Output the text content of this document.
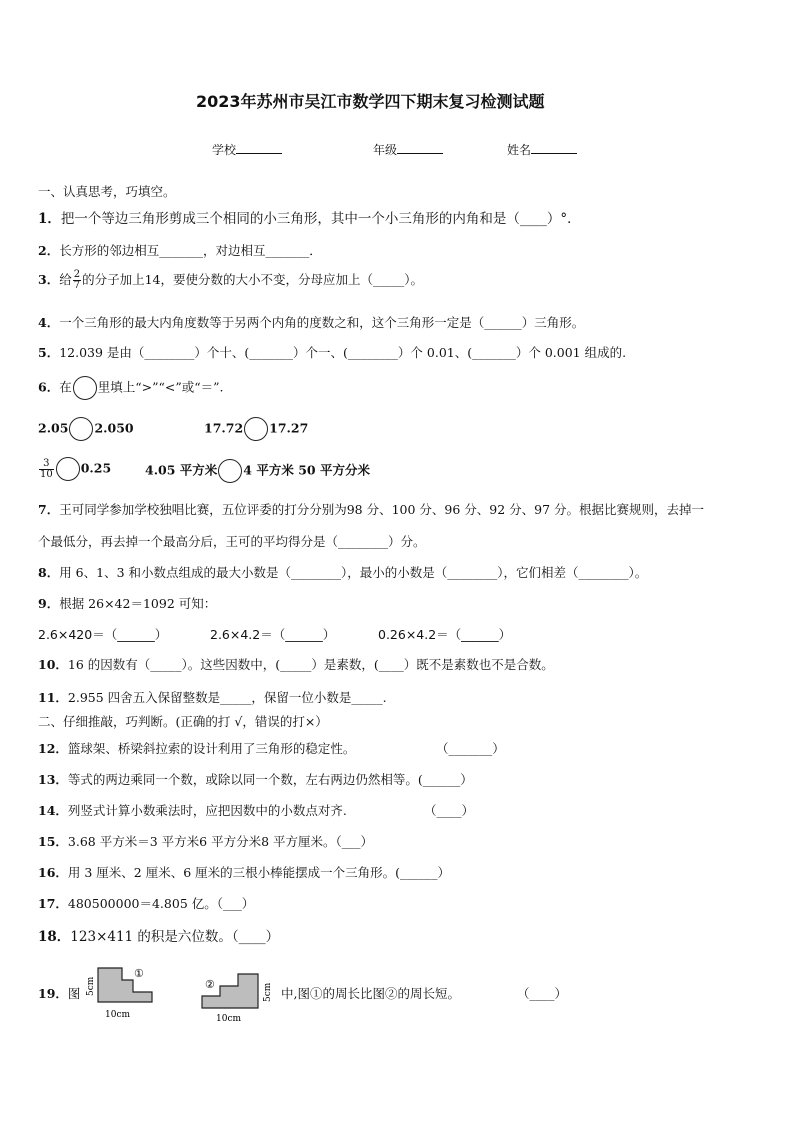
2023年苏州市吴江市数学四下期末复习检测试题
学校	年级	姓名
一、认真思考，巧填空。
1．把一个等边三角形剪成三个相同的小三角形，其中一个小三角形的内角和是（____）°．
2．长方形的邻边相互_______，对边相互_______．
3．给 $\frac{2}{7}$ 的分子加上14，要使分数的大小不变，分母应加上（_____）。
4．一个三角形的最大内角度数等于另两个内角的度数之和，这个三角形一定是（______）三角形。
5．12.039 是由（________）个十、(_______）个一、(________）个 0.01、(_______）个 0.001 组成的.
6．在 里填上“>”“<”或“＝”.
2.05 2.050	17.72 17.27
$\frac{3}{10} 0.25$	4.05 平方米 4 平方米 50 平方分米
7．王可同学参加学校独唱比赛，五位评委的打分分别为98 分、100 分、96 分、92 分、97 分。根据比赛规则，去掉一
个最低分，再去掉一个最高分后，王可的平均得分是（________）分。
8．用 6、1、3 和小数点组成的最大小数是（________），最小的小数是（________），它们相差（________）。
9．根据 26×42＝1092 可知：
2.6×420＝（______）	2.6×4.2＝（______）	0.26×4.2＝（______）
10．16 的因数有（_____）。这些因数中，(_____）是素数，(____）既不是素数也不是合数。
11．2.955 四舍五入保留整数是_____，保留一位小数是_____.
二、仔细推敲，巧判断。(正确的打 √，错误的打×）
12．篮球架、桥梁斜拉索的设计利用了三角形的稳定性。	（_______）
13．等式的两边乘同一个数，或除以同一个数，左右两边仍然相等。(______）
14．列竖式计算小数乘法时，应把因数中的小数点对齐.	（____）
15．3.68 平方米＝3 平方米6 平方分米8 平方厘米。（___）
16．用 3 厘米、2 厘米、6 厘米的三根小棒能摆成一个三角形。(______）
17．480500000＝4.805 亿。（___）
18．123×411 的积是六位数。（____）
19．图 5cm
①
10cm
②
10cm
5cm 中,图①的周长比图②的周长短。	（____）
